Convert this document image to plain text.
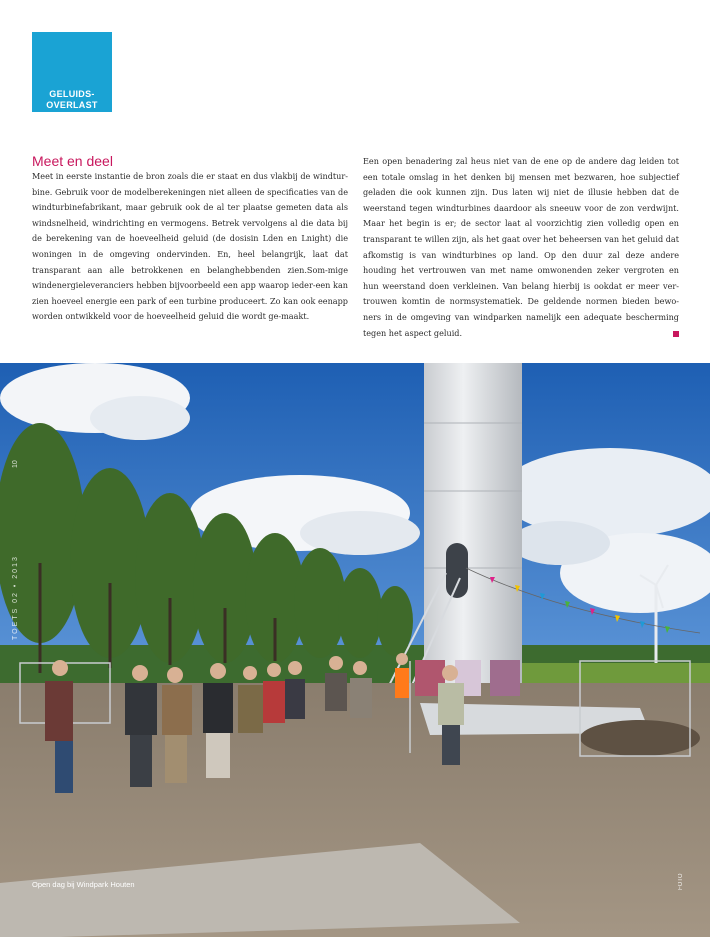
GELUIDS-
OVERLAST
Meet en deel

Meet in eerste instantie de bron zoals die er staat en dus vlakbij de windtur-bine. Gebruik voor de modelberekeningen niet alleen de specificaties van de windturbinefabrikant, maar gebruik ook de al ter plaatse gemeten data als windsnelheid, windrichting en vermogens. Betrek vervolgens al die data bij de berekening van de hoeveelheid geluid (de dosisin Lden en Lnight) die woningen in de omgeving ondervinden. En, heel belangrijk, laat dat transparant aan alle betrokkenen en belanghebbenden zien.Som-mige windenergieleveranciers hebben bijvoorbeeld een app waarop ieder-een kan zien hoeveel energie een park of een turbine produceert. Zo kan ook eenapp worden ontwikkeld voor de hoeveelheid geluid die wordt ge-maakt.

Een open benadering zal heus niet van de ene op de andere dag leiden tot een totale omslag in het denken bij mensen met bezwaren, hoe subjectief geladen die ook kunnen zijn. Dus laten wij niet de illusie hebben dat de weerstand tegen windturbines daardoor als sneeuw voor de zon verdwijnt. Maar het begin is er; de sector laat al voorzichtig zien volledig open en transparant te willen zijn, als het gaat over het beheersen van het geluid dat afkomstig is van windturbines op land. Op den duur zal deze andere houding het vertrouwen van met name omwonenden zeker vergroten en hun weerstand doen verkleinen. Van belang hierbij is ookdat er meer ver-trouwen komtin de normsystematiek. De geldende normen bieden bewo-ners in de omgeving van windparken namelijk een adequate bescherming tegen het aspect geluid.
10
TOETS 02 • 2013
Open dag bij Windpark Houten	FOTO
